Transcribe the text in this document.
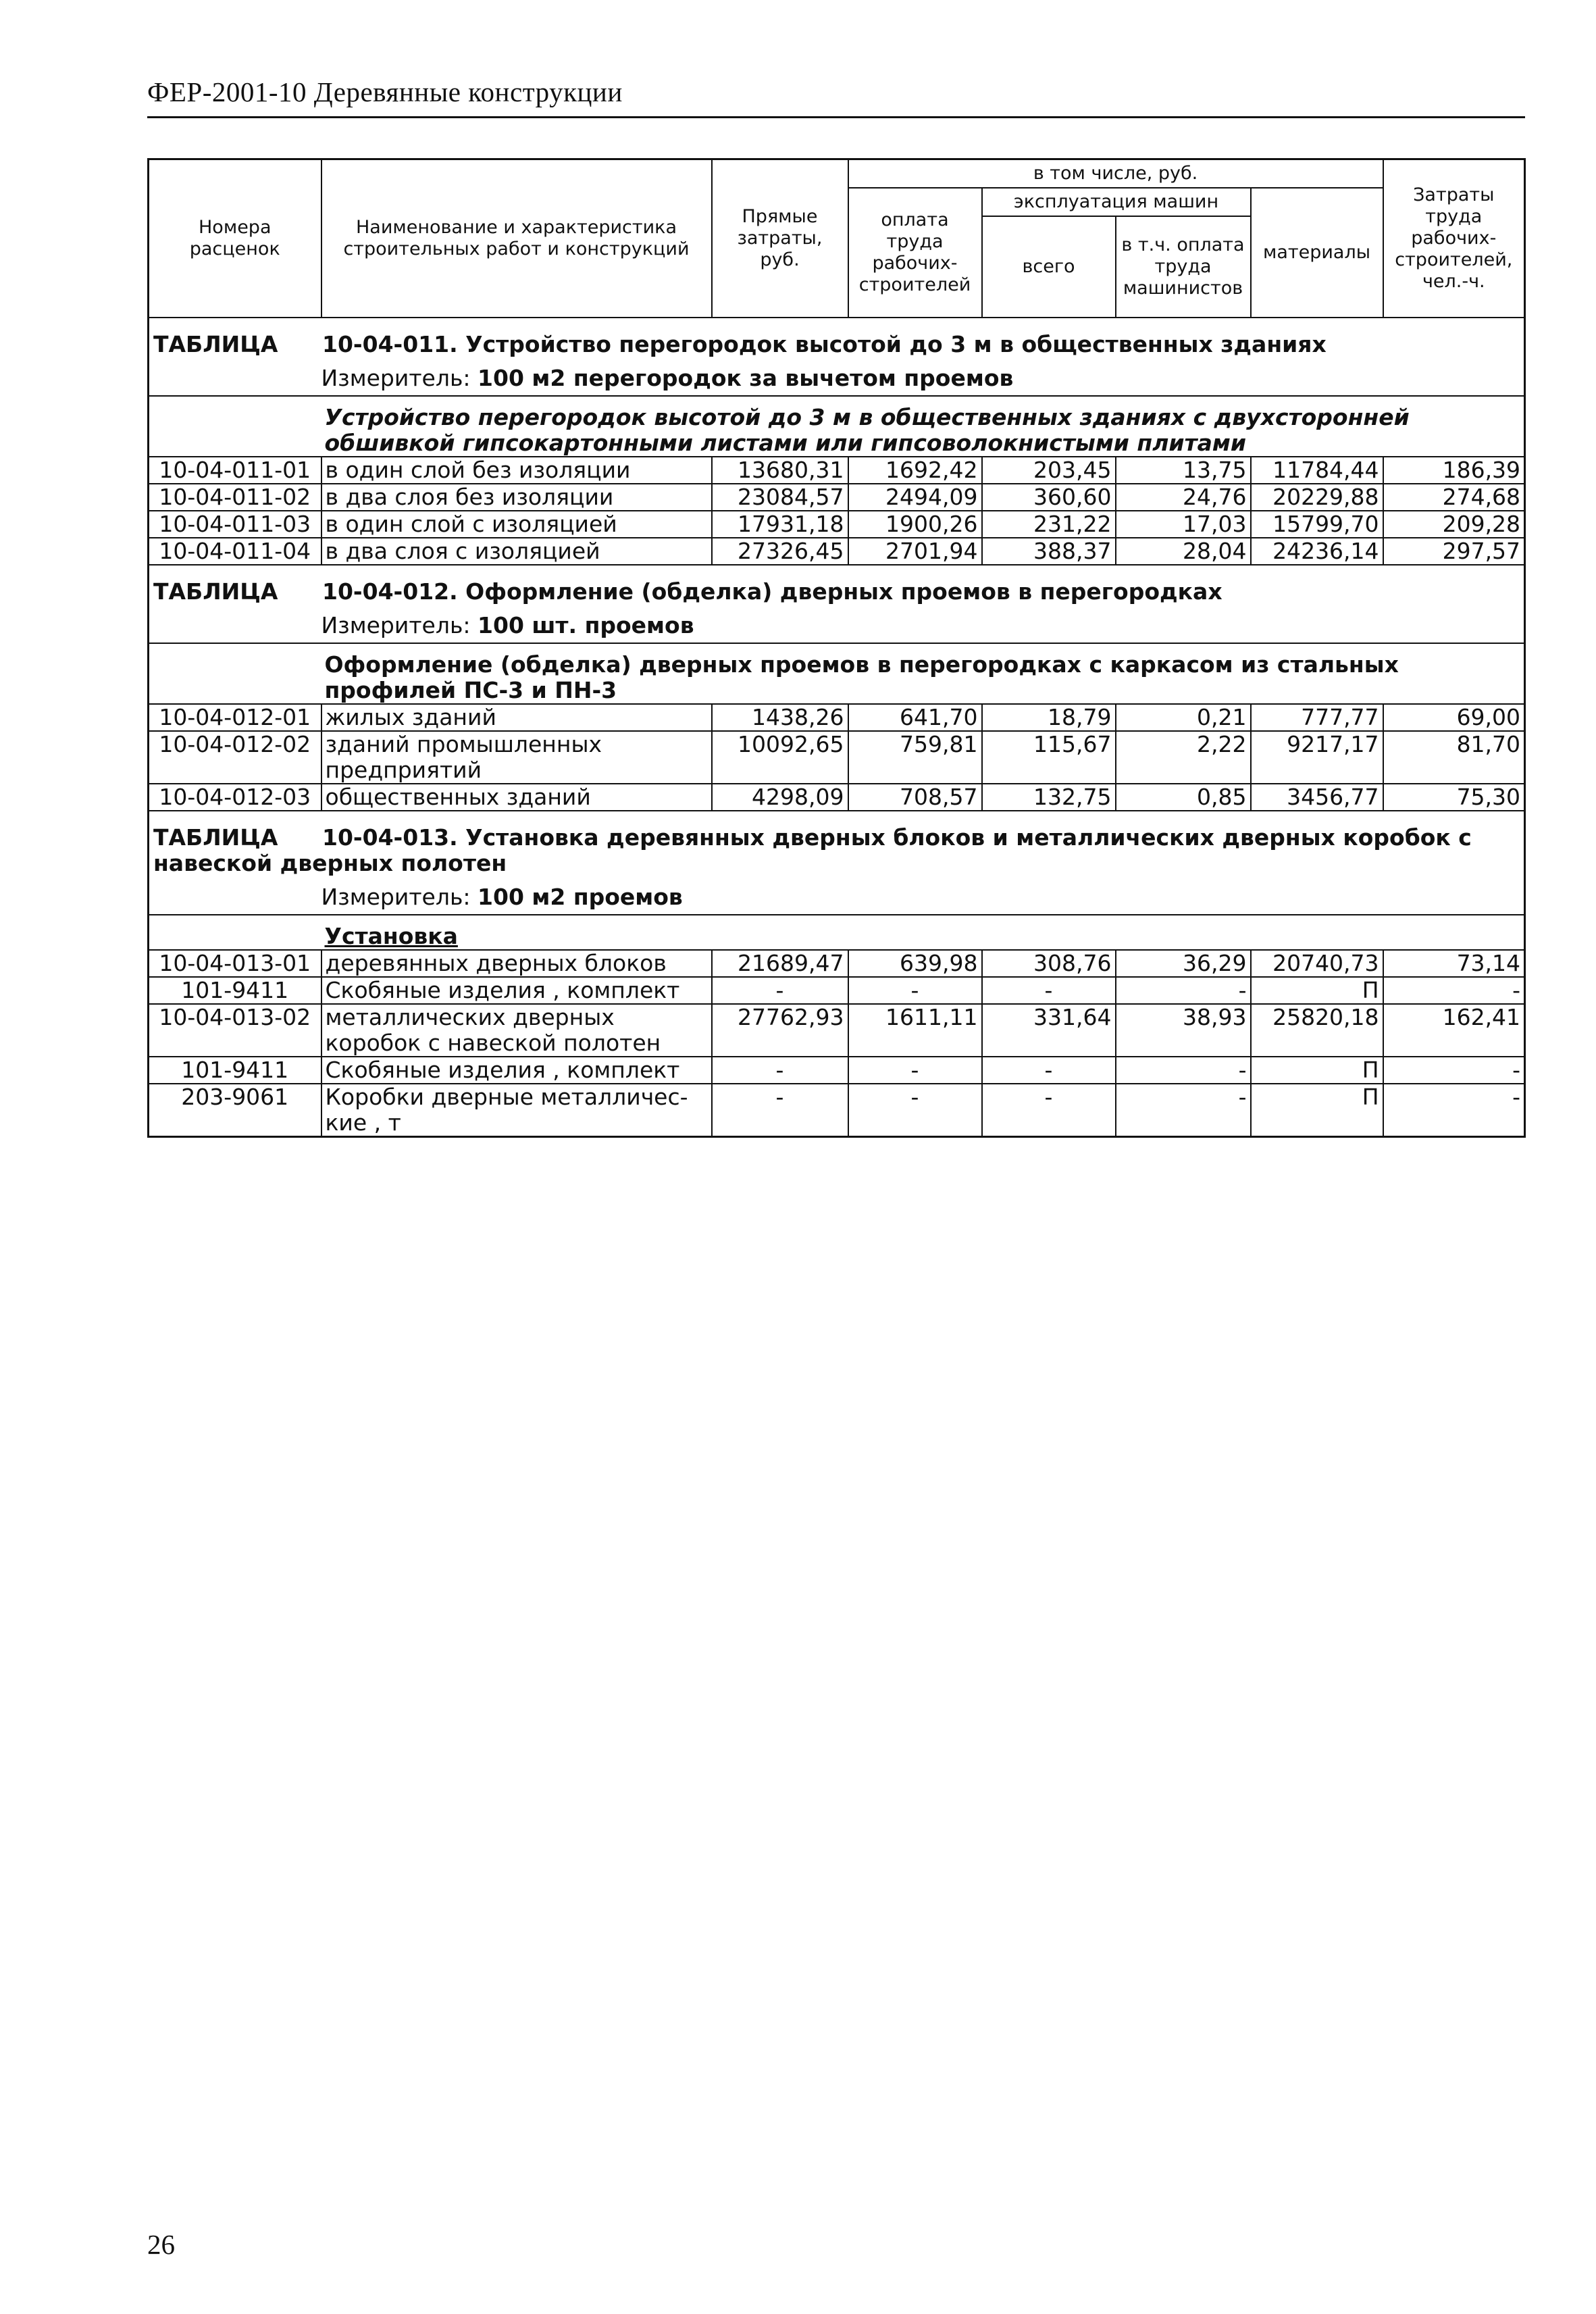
ФЕР-2001-10 Деревянные конструкции
Номера расценок	Наименование и характеристика строительных работ и конструкций	Прямые затраты, руб.	в том числе, руб.				Затраты труда рабочих-строителей,
чел.-ч.
			оплата труда рабочих-строителей	эксплуатация машин		материалы	
				всего	в т.ч. оплата труда машинистов		
ТАБЛИЦА 10-04-011. Устройство перегородок высотой до 3 м в общественных зданиях							
	Измеритель: 100 м2 перегородок за вычетом проемов						
	Устройство перегородок высотой до 3 м в общественных зданиях с двухсторонней обшивкой гипсокартонными листами или гипсоволокнистыми плитами						
10-04-011-01	в один слой без изоляции	13680,31	1692,42	203,45	13,75	11784,44	186,39
10-04-011-02	в два слоя без изоляции	23084,57	2494,09	360,60	24,76	20229,88	274,68
10-04-011-03	в один слой с изоляцией	17931,18	1900,26	231,22	17,03	15799,70	209,28
10-04-011-04	в два слоя с изоляцией	27326,45	2701,94	388,37	28,04	24236,14	297,57
ТАБЛИЦА 10-04-012. Оформление (обделка) дверных проемов в перегородках							
	Измеритель: 100 шт. проемов						
	Оформление (обделка) дверных проемов в перегородках с каркасом из стальных профилей ПС-3 и ПН-3						
10-04-012-01	жилых зданий	1438,26	641,70	18,79	0,21	777,77	69,00
10-04-012-02	зданий промышленных предприятий	10092,65	759,81	115,67	2,22	9217,17	81,70
10-04-012-03	общественных зданий	4298,09	708,57	132,75	0,85	3456,77	75,30
ТАБЛИЦА 10-04-013. Установка деревянных дверных блоков и металлических дверных коробок с навеской дверных полотен							
	Измеритель: 100 м2 проемов						
	Установка						
10-04-013-01	деревянных дверных блоков	21689,47	639,98	308,76	36,29	20740,73	73,14
101-9411	Скобяные изделия , комплект	-	-	-	-	П	-
10-04-013-02	металлических дверных коробок с навеской полотен	27762,93	1611,11	331,64	38,93	25820,18	162,41
101-9411	Скобяные изделия , комплект	-	-	-	-	П	-
203-9061	Коробки дверные металличес-кие , т	-	-	-	-	П	-
26
